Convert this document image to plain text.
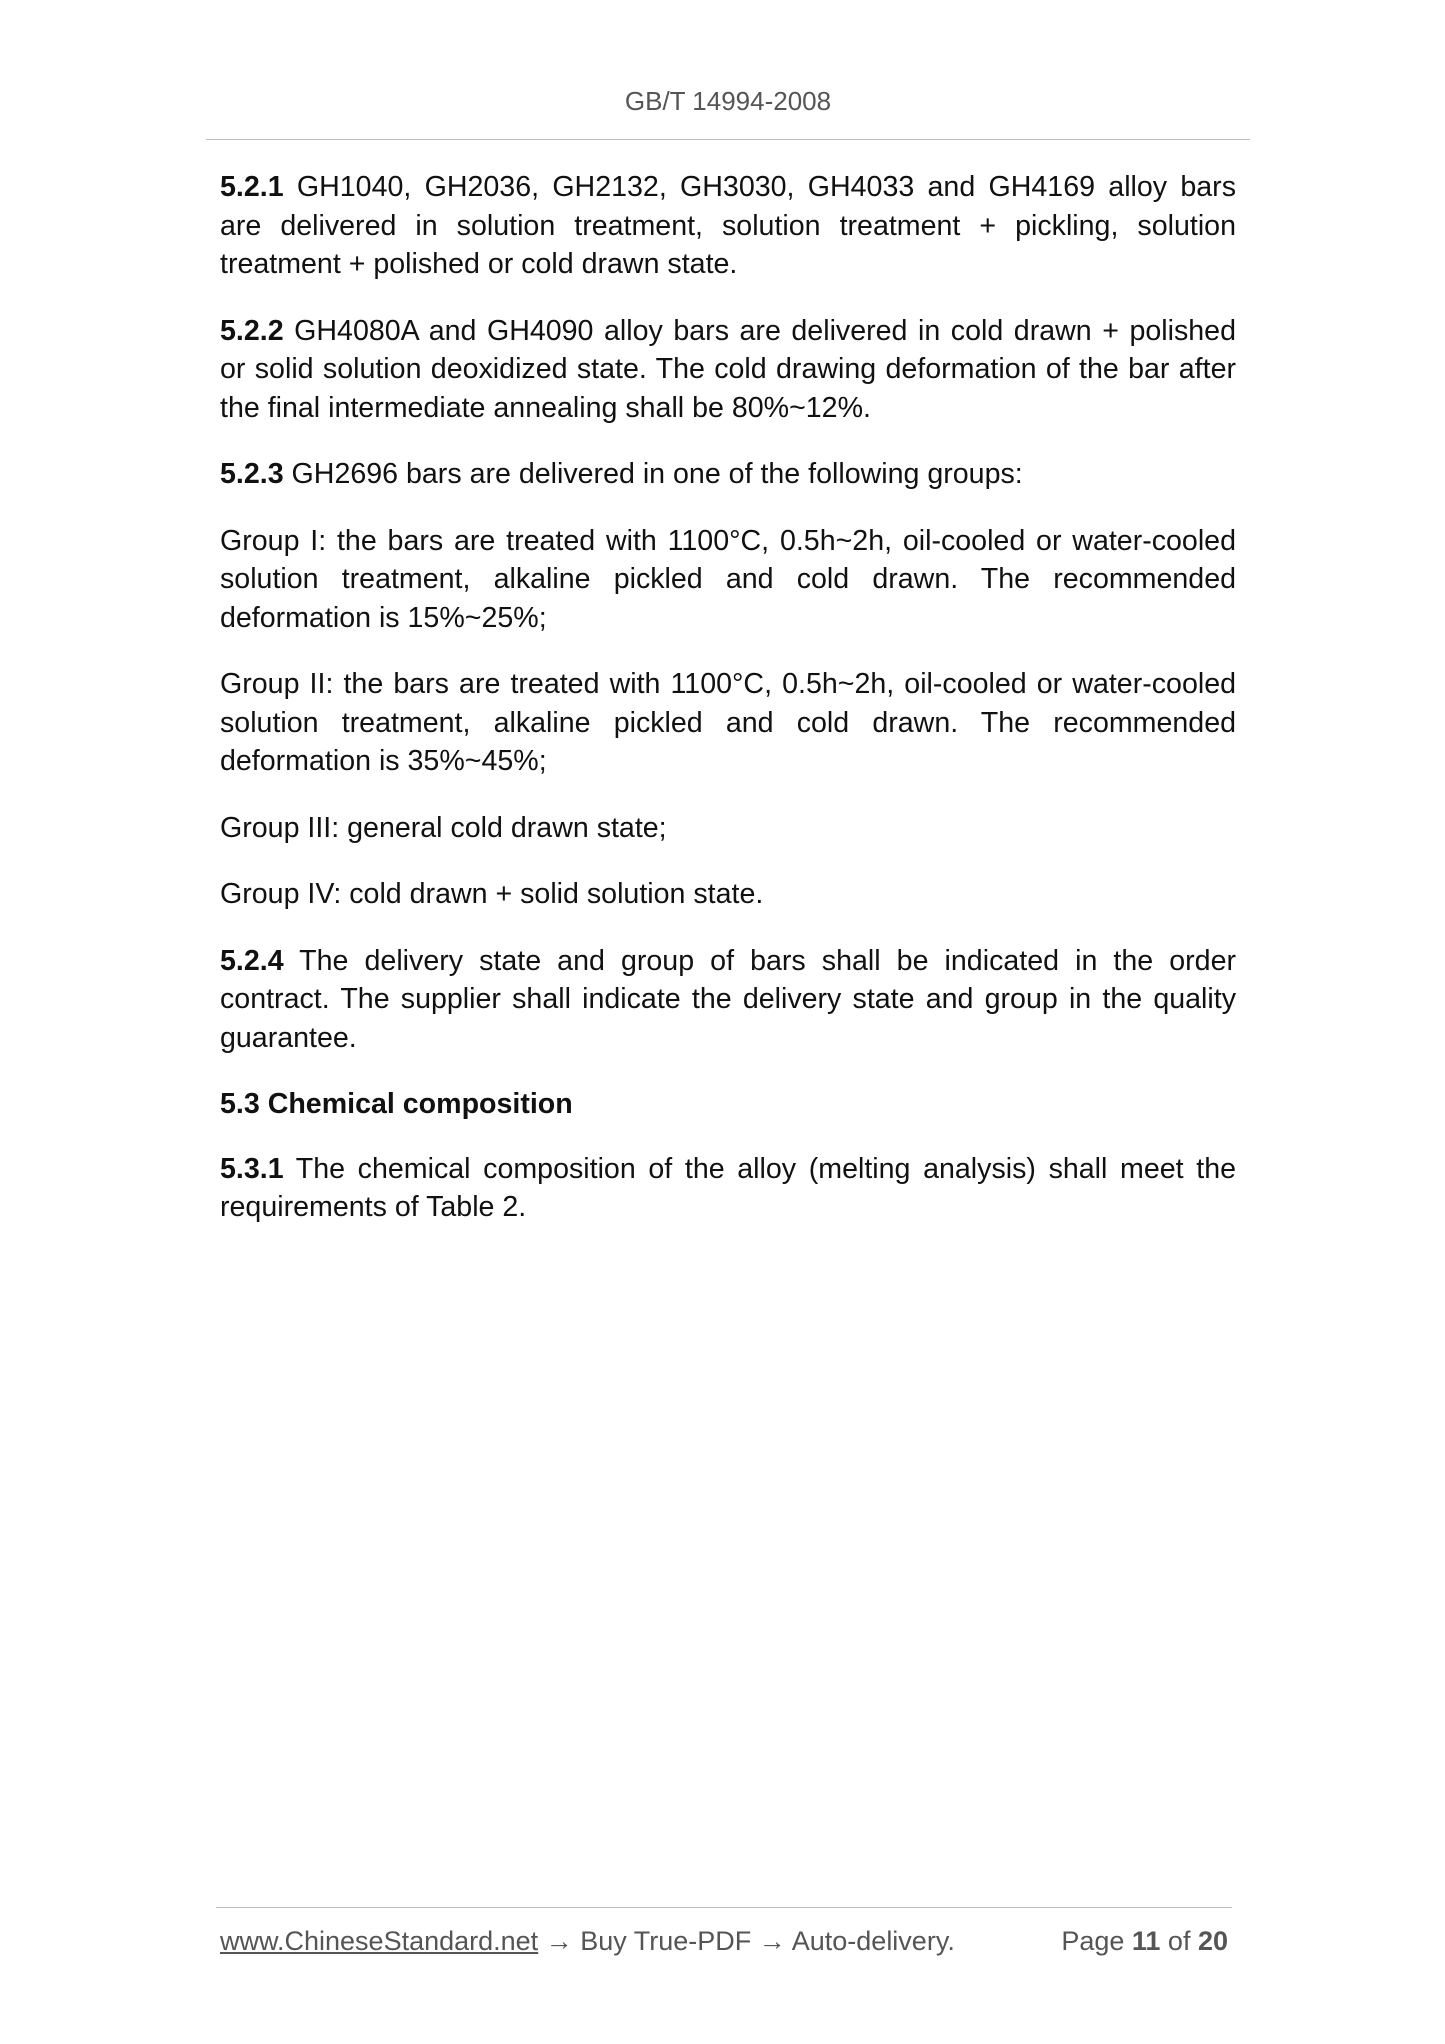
GB/T 14994-2008

5.2.1 GH1040, GH2036, GH2132, GH3030, GH4033 and GH4169 alloy bars are delivered in solution treatment, solution treatment + pickling, solution treatment + polished or cold drawn state.

5.2.2 GH4080A and GH4090 alloy bars are delivered in cold drawn + polished or solid solution deoxidized state. The cold drawing deformation of the bar after the final intermediate annealing shall be 80%~12%.

5.2.3 GH2696 bars are delivered in one of the following groups:

Group I: the bars are treated with 1100°C, 0.5h~2h, oil-cooled or water-cooled solution treatment, alkaline pickled and cold drawn. The recommended deformation is 15%~25%;

Group II: the bars are treated with 1100°C, 0.5h~2h, oil-cooled or water-cooled solution treatment, alkaline pickled and cold drawn. The recommended deformation is 35%~45%;

Group III: general cold drawn state;

Group IV: cold drawn + solid solution state.

5.2.4 The delivery state and group of bars shall be indicated in the order contract. The supplier shall indicate the delivery state and group in the quality guarantee.

5.3 Chemical composition

5.3.1 The chemical composition of the alloy (melting analysis) shall meet the requirements of Table 2.

www.ChineseStandard.net → Buy True-PDF → Auto-delivery.	Page 11 of 20
